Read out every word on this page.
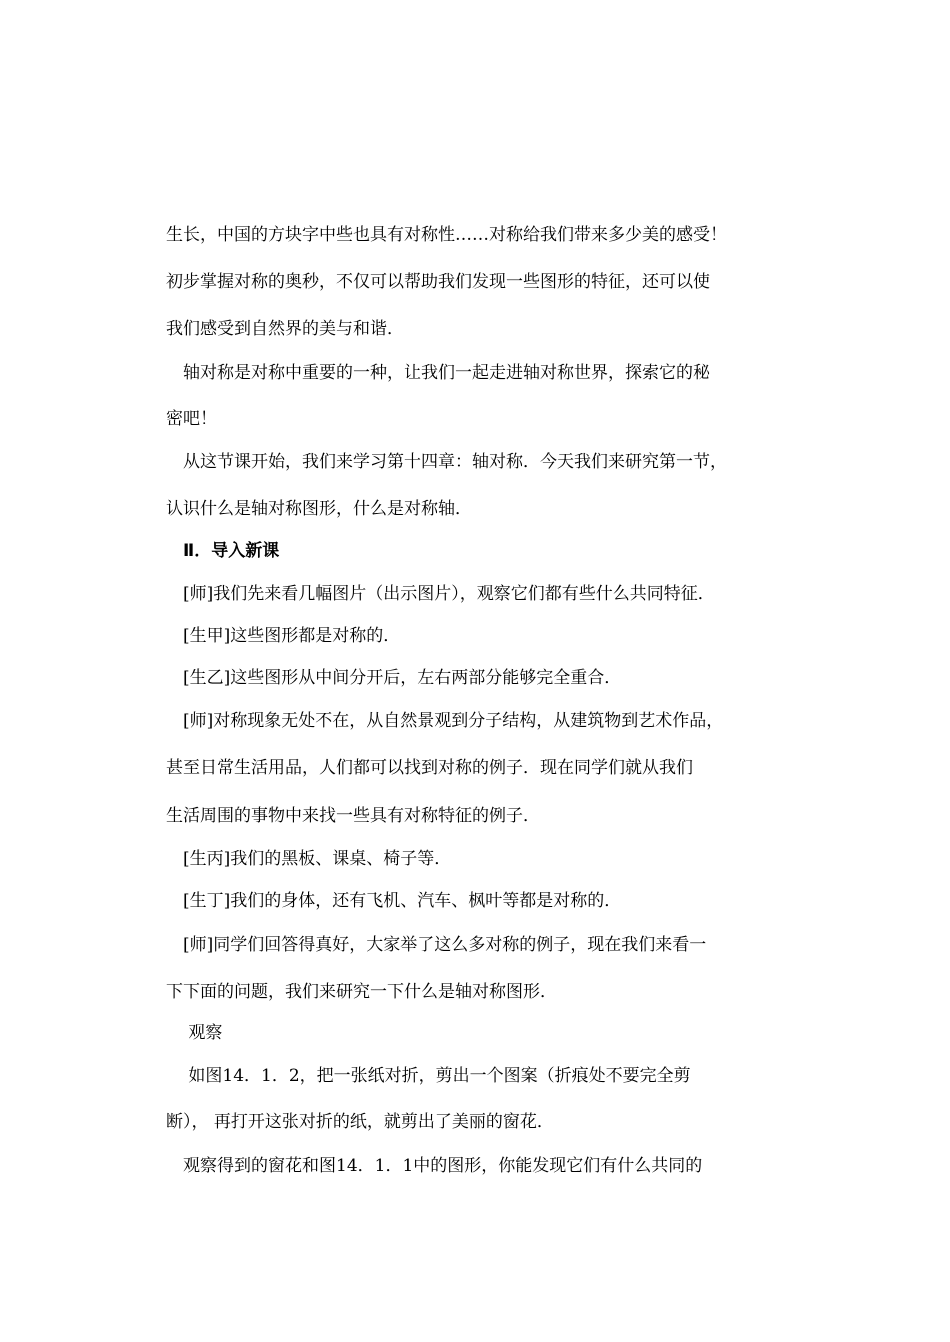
生长，中国的方块字中些也具有对称性……对称给我们带来多少美的感受！
初步掌握对称的奥秒，不仅可以帮助我们发现一些图形的特征，还可以使
我们感受到自然界的美与和谐．
　轴对称是对称中重要的一种，让我们一起走进轴对称世界，探索它的秘
密吧！
　从这节课开始，我们来学习第十四章：轴对称．今天我们来研究第一节，
认识什么是轴对称图形，什么是对称轴．
　Ⅱ．导入新课
　[师]我们先来看几幅图片（出示图片），观察它们都有些什么共同特征．
　[生甲]这些图形都是对称的．
　[生乙]这些图形从中间分开后，左右两部分能够完全重合．
　[师]对称现象无处不在，从自然景观到分子结构，从建筑物到艺术作品，
甚至日常生活用品，人们都可以找到对称的例子．现在同学们就从我们
生活周围的事物中来找一些具有对称特征的例子．
　[生丙]我们的黑板、课桌、椅子等．
　[生丁]我们的身体，还有飞机、汽车、枫叶等都是对称的．
　[师]同学们回答得真好，大家举了这么多对称的例子，现在我们来看一
下下面的问题，我们来研究一下什么是轴对称图形．
　 观察
　 如图14．1．2，把一张纸对折，剪出一个图案（折痕处不要完全剪
断）， 再打开这张对折的纸，就剪出了美丽的窗花．
　观察得到的窗花和图14．1．1中的图形，你能发现它们有什么共同的
